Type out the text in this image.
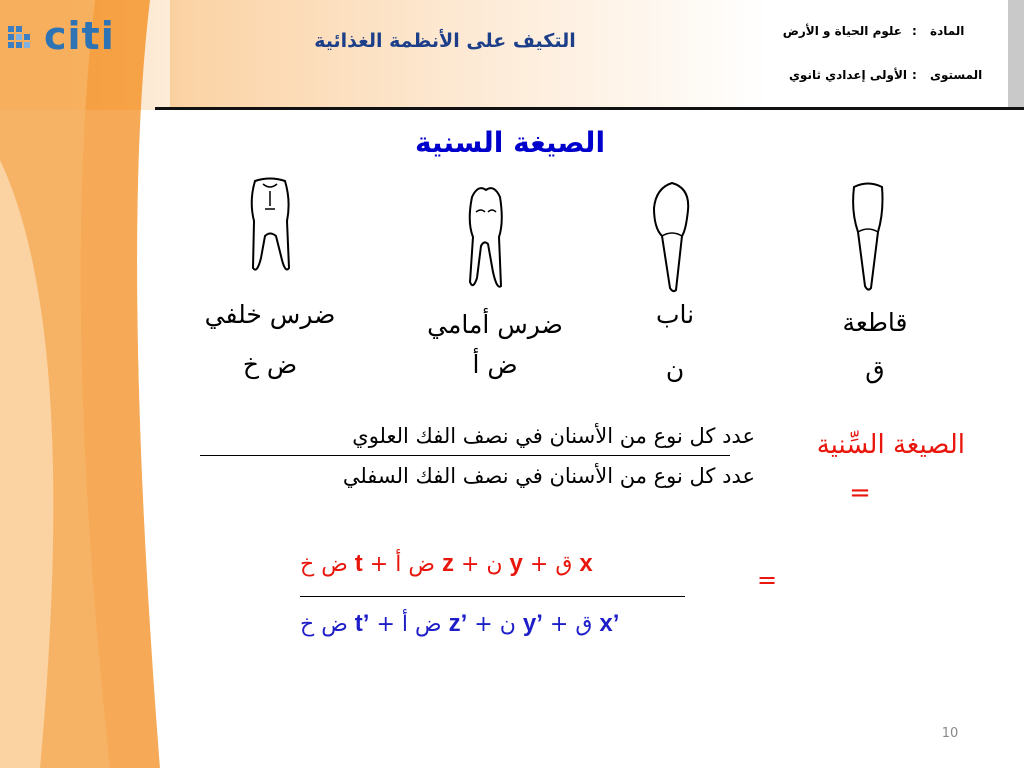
citi	التكيف على الأنظمة الغذائية	المادة
:
علوم الحياة و الأرض
المستوى
:
الأولى إعدادي ثانوي
الصيغة السنية
ضرس خلفي
ض خ
ضرس أمامي
ض أ
ناب
ن
قاطعة
ق
الصيغة السِّنية
=
عدد كل نوع من الأسنان في نصف الفك العلوي
عدد كل نوع من الأسنان في نصف الفك السفلي
ض خ t + ض أ z + ن y + ق x
ض خ t’ + ض أ z’ + ن y’ + ق x’
=
10
